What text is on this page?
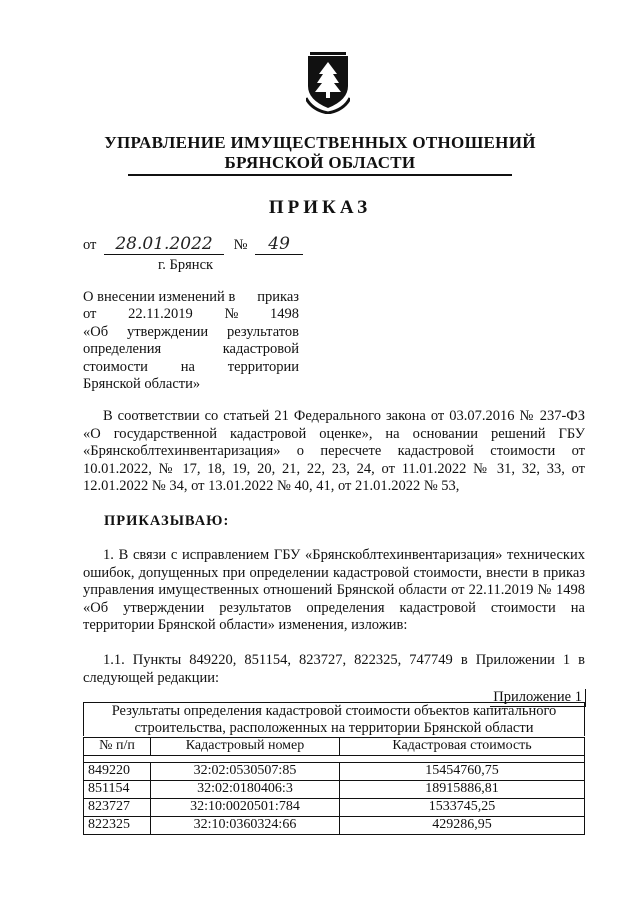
УПРАВЛЕНИЕ ИМУЩЕСТВЕННЫХ ОТНОШЕНИЙ
БРЯНСКОЙ ОБЛАСТИ
ПРИКАЗ
от 28.01.2022 № 49
г. Брянск

О внесении изменений в приказ

от 22.11.2019 № 1498

«Об утверждении результатов

определения	кадастровой

стоимости на территории

Брянской области»

В соответствии со статьей 21 Федерального закона от 03.07.2016 № 237-ФЗ «О государственной кадастровой оценке», на основании решений ГБУ «Брянскоблтехинвентаризация» о пересчете кадастровой стоимости от 10.01.2022, № 17, 18, 19, 20, 21, 22, 23, 24, от 11.01.2022 № 31, 32, 33, от 12.01.2022 № 34, от 13.01.2022 № 40, 41, от 21.01.2022 № 53,
ПРИКАЗЫВАЮ:
1. В связи с исправлением ГБУ «Брянскоблтехинвентаризация» технических ошибок, допущенных при определении кадастровой стоимости, внести в приказ управления имущественных отношений Брянской области от 22.11.2019 № 1498 «Об утверждении результатов определения кадастровой стоимости на территории Брянской области» изменения, изложив:
1.1. Пункты 849220, 851154, 823727, 822325, 747749 в Приложении 1 в следующей редакции:
Приложение 1
Результаты определения кадастровой стоимости объектов капитального строительства, расположенных на территории Брянской области
№ п/п	Кадастровый номер	Кадастровая стоимость

849220	32:02:0530507:85	15454760,75
851154	32:02:0180406:3	18915886,81
823727	32:10:0020501:784	1533745,25
822325	32:10:0360324:66	429286,95
